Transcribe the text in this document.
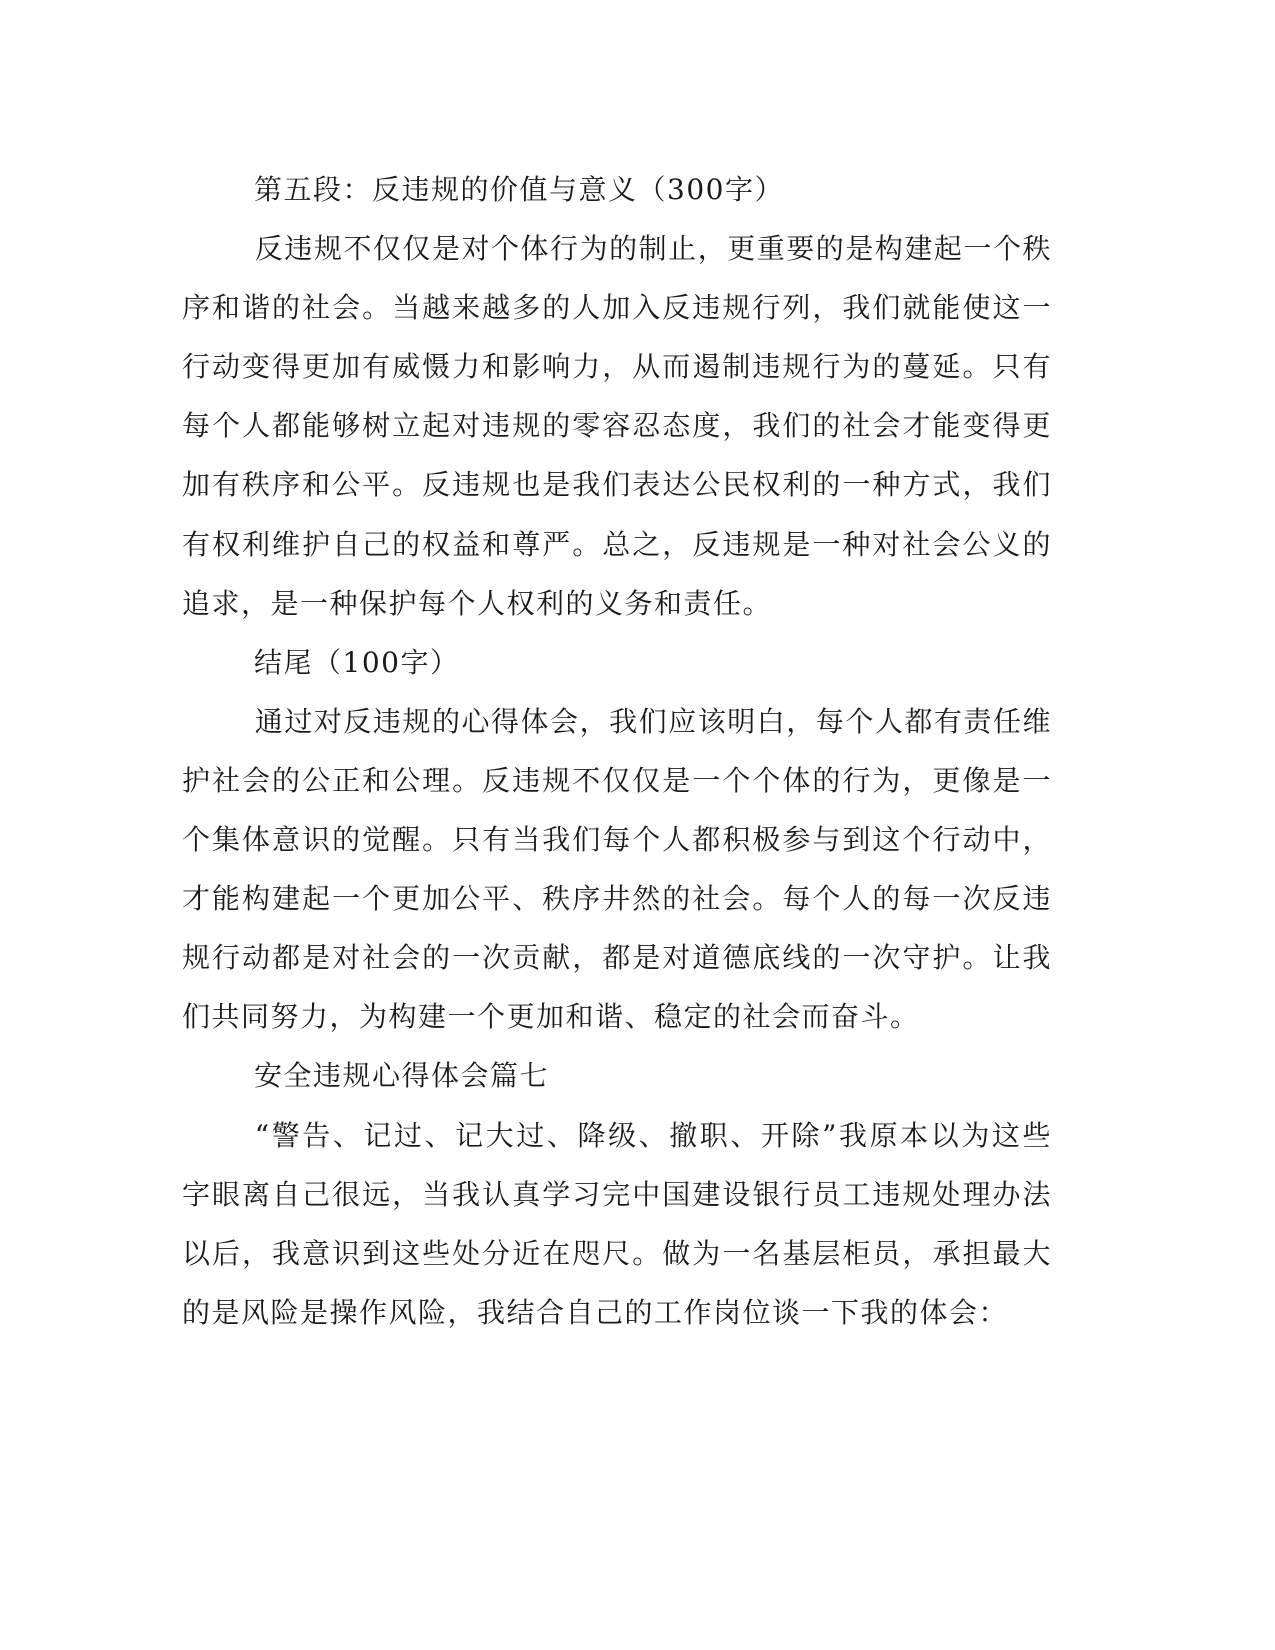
第五段：反违规的价值与意义（300字）

反违规不仅仅是对个体行为的制止，更重要的是构建起一个秩序和谐的社会。当越来越多的人加入反违规行列，我们就能使这一行动变得更加有威慑力和影响力，从而遏制违规行为的蔓延。只有每个人都能够树立起对违规的零容忍态度，我们的社会才能变得更加有秩序和公平。反违规也是我们表达公民权利的一种方式，我们有权利维护自己的权益和尊严。总之，反违规是一种对社会公义的追求，是一种保护每个人权利的义务和责任。

结尾（100字）

通过对反违规的心得体会，我们应该明白，每个人都有责任维护社会的公正和公理。反违规不仅仅是一个个体的行为，更像是一个集体意识的觉醒。只有当我们每个人都积极参与到这个行动中，才能构建起一个更加公平、秩序井然的社会。每个人的每一次反违规行动都是对社会的一次贡献，都是对道德底线的一次守护。让我们共同努力，为构建一个更加和谐、稳定的社会而奋斗。

安全违规心得体会篇七

“警告、记过、记大过、降级、撤职、开除”我原本以为这些字眼离自己很远，当我认真学习完中国建设银行员工违规处理办法以后，我意识到这些处分近在咫尺。做为一名基层柜员，承担最大的是风险是操作风险，我结合自己的工作岗位谈一下我的体会：
